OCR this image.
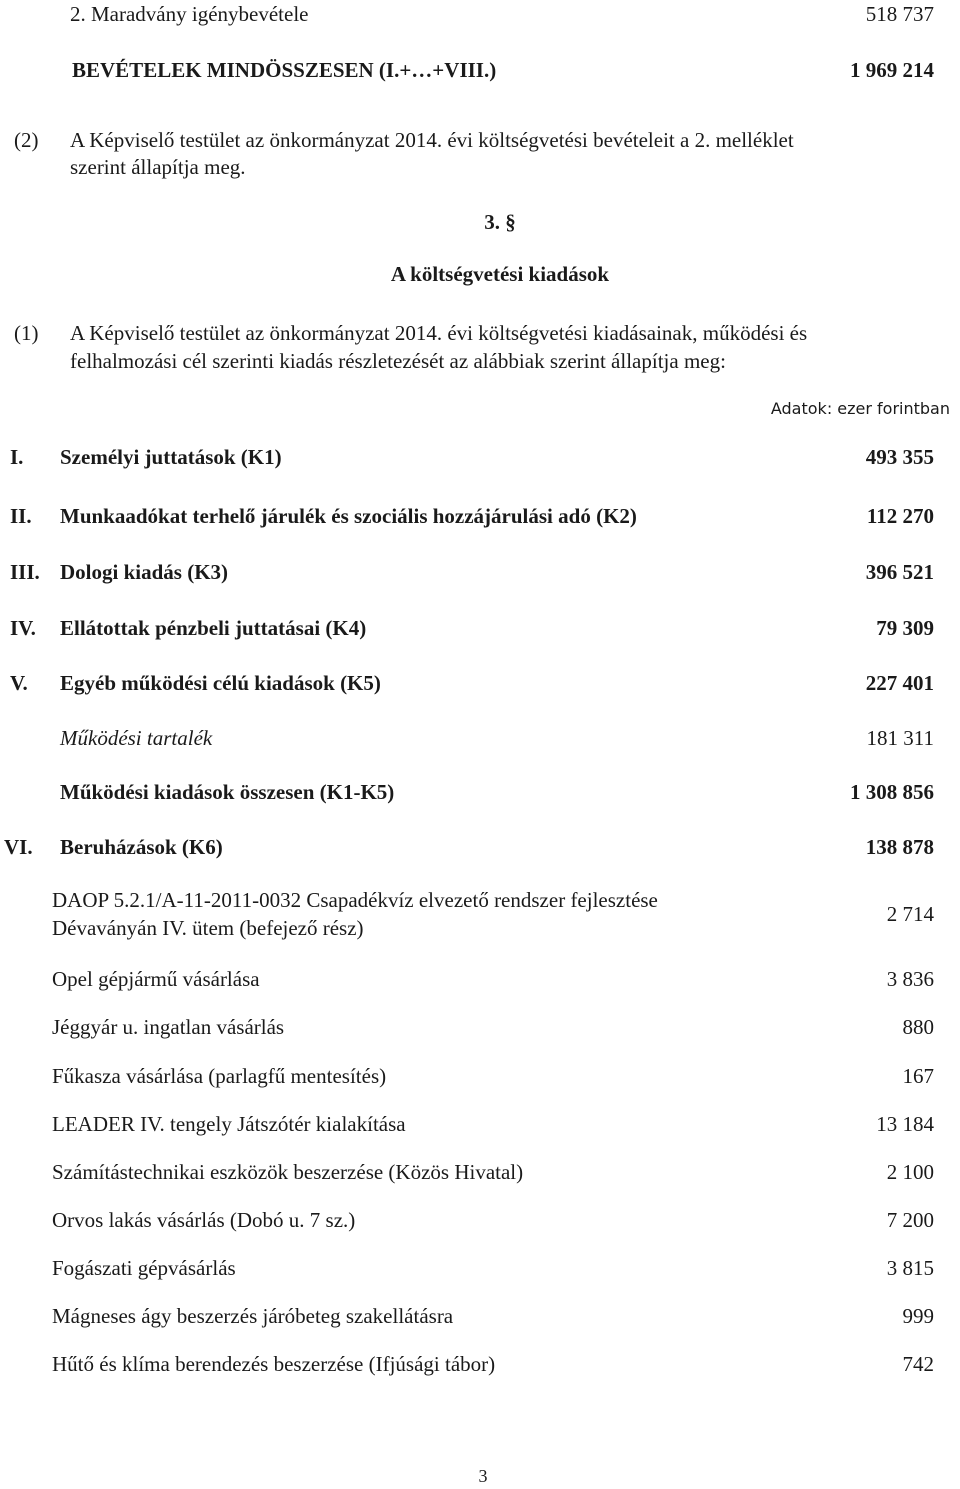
2. Maradvány igénybevétele	518 737
BEVÉTELEK MINDÖSSZESEN (I.+…+VIII.)	1 969 214
(2) A Képviselő testület az önkormányzat 2014. évi költségvetési bevételeit a 2. melléklet
szerint állapítja meg.
3. §
A költségvetési kiadások
(1) A Képviselő testület az önkormányzat 2014. évi költségvetési kiadásainak, működési és
felhalmozási cél szerinti kiadás részletezését az alábbiak szerint állapítja meg:
Adatok: ezer forintban
I. Személyi juttatások (K1)	493 355
II. Munkaadókat terhelő járulék és szociális hozzájárulási adó (K2)	112 270
III. Dologi kiadás (K3)	396 521
IV. Ellátottak pénzbeli juttatásai (K4)	79 309
V. Egyéb működési célú kiadások (K5)	227 401
Működési tartalék	181 311
Működési kiadások összesen (K1-K5)	1 308 856
VI. Beruházások (K6)	138 878
DAOP 5.2.1/A-11-2011-0032 Csapadékvíz elvezető rendszer fejlesztése
Dévaványán IV. ütem (befejező rész)
2 714
Opel gépjármű vásárlása	3 836
Jéggyár u. ingatlan vásárlás	880
Fűkasza vásárlása (parlagfű mentesítés)	167
LEADER IV. tengely Játszótér kialakítása	13 184
Számítástechnikai eszközök beszerzése (Közös Hivatal)	2 100
Orvos lakás vásárlás (Dobó u. 7 sz.)	7 200
Fogászati gépvásárlás	3 815
Mágneses ágy beszerzés járóbeteg szakellátásra	999
Hűtő és klíma berendezés beszerzése (Ifjúsági tábor)	742
3
